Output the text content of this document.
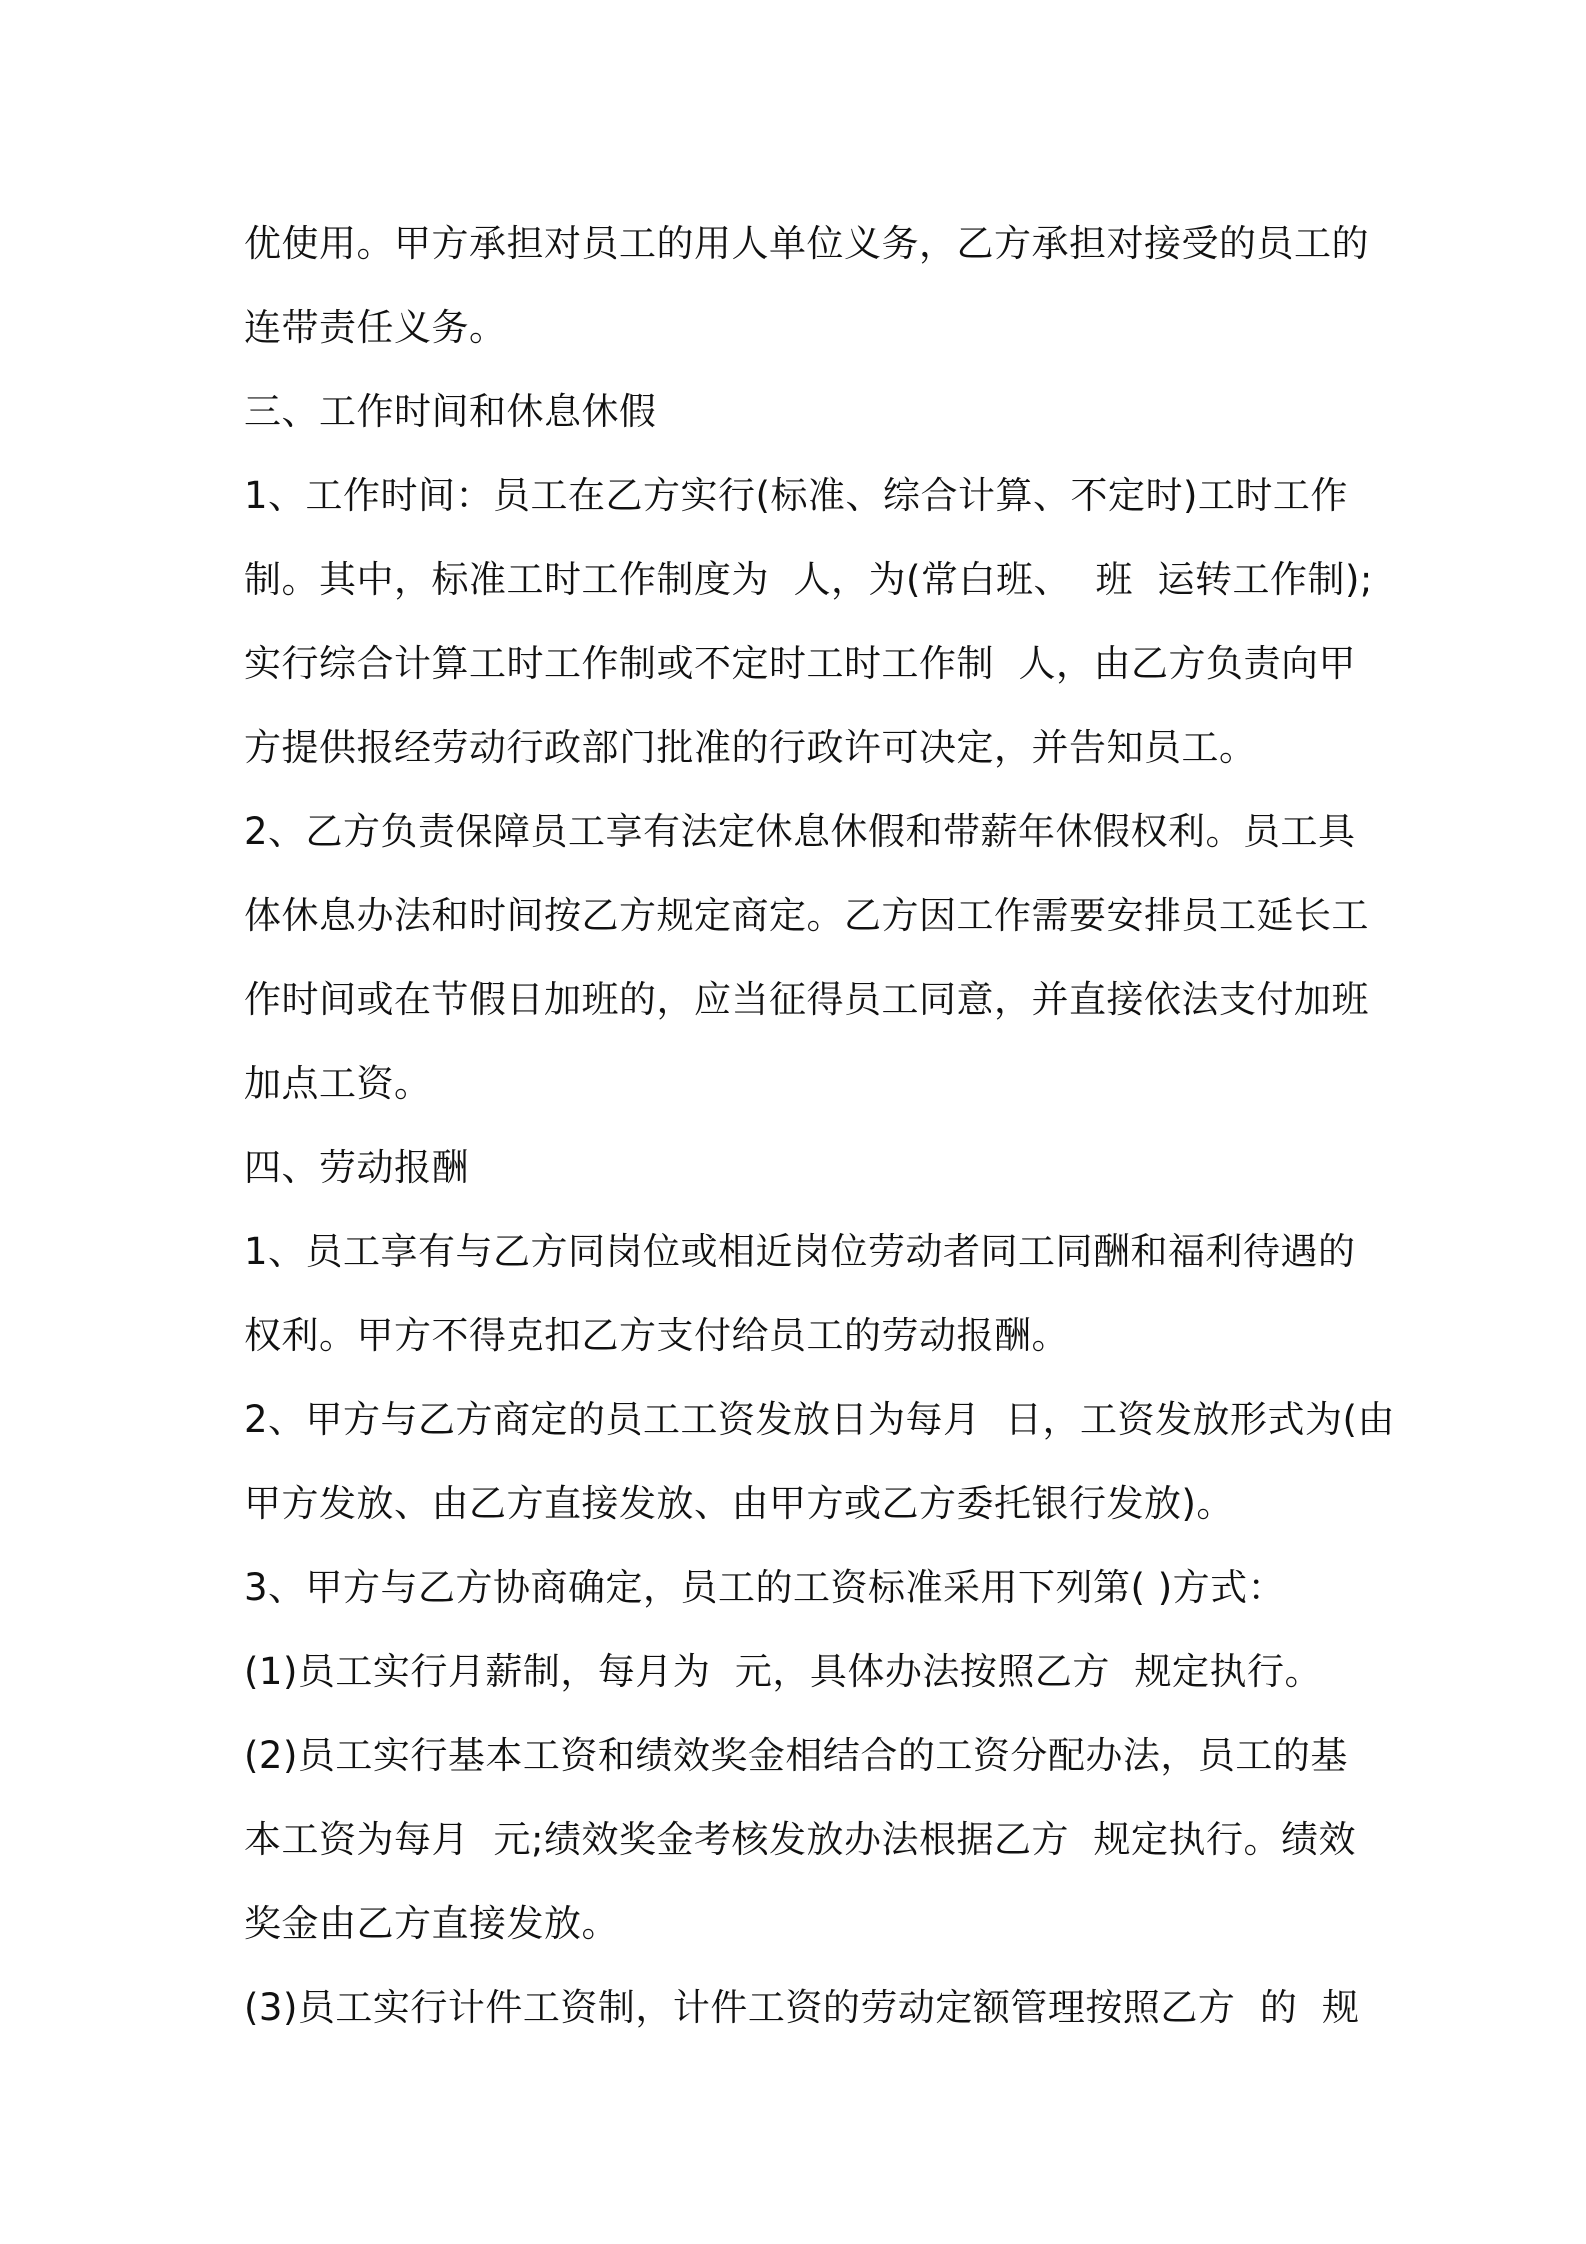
优使用。甲方承担对员工的用人单位义务，乙方承担对接受的员工的
连带责任义务。
三、工作时间和休息休假
1、工作时间：员工在乙方实行(标准、综合计算、不定时)工时工作
制。其中，标准工时工作制度为  人，为(常白班、  班  运转工作制);
实行综合计算工时工作制或不定时工时工作制  人，由乙方负责向甲
方提供报经劳动行政部门批准的行政许可决定，并告知员工。
2、乙方负责保障员工享有法定休息休假和带薪年休假权利。员工具
体休息办法和时间按乙方规定商定。乙方因工作需要安排员工延长工
作时间或在节假日加班的，应当征得员工同意，并直接依法支付加班
加点工资。
四、劳动报酬
1、员工享有与乙方同岗位或相近岗位劳动者同工同酬和福利待遇的
权利。甲方不得克扣乙方支付给员工的劳动报酬。
2、甲方与乙方商定的员工工资发放日为每月  日，工资发放形式为(由
甲方发放、由乙方直接发放、由甲方或乙方委托银行发放)。
3、甲方与乙方协商确定，员工的工资标准采用下列第( )方式：
(1)员工实行月薪制，每月为  元，具体办法按照乙方  规定执行。
(2)员工实行基本工资和绩效奖金相结合的工资分配办法，员工的基
本工资为每月  元;绩效奖金考核发放办法根据乙方  规定执行。绩效
奖金由乙方直接发放。
(3)员工实行计件工资制，计件工资的劳动定额管理按照乙方  的  规
